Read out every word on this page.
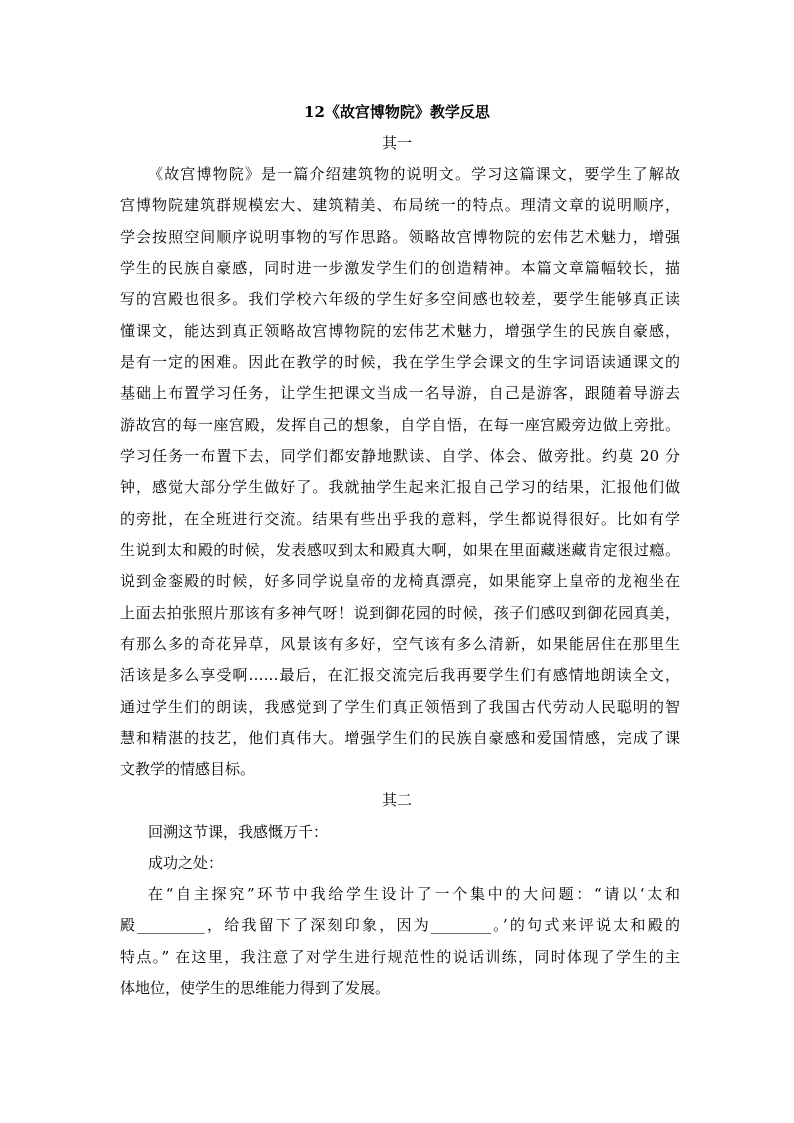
12《故宫博物院》教学反思
其一
《故宫博物院》是一篇介绍建筑物的说明文。学习这篇课文，要学生了解故
宫博物院建筑群规模宏大、建筑精美、布局统一的特点。理清文章的说明顺序，
学会按照空间顺序说明事物的写作思路。领略故宫博物院的宏伟艺术魅力，增强
学生的民族自豪感，同时进一步激发学生们的创造精神。本篇文章篇幅较长，描
写的宫殿也很多。我们学校六年级的学生好多空间感也较差，要学生能够真正读
懂课文，能达到真正领略故宫博物院的宏伟艺术魅力，增强学生的民族自豪感，
是有一定的困难。因此在教学的时候，我在学生学会课文的生字词语读通课文的
基础上布置学习任务，让学生把课文当成一名导游，自己是游客，跟随着导游去
游故宫的每一座宫殿，发挥自己的想象，自学自悟，在每一座宫殿旁边做上旁批。
学习任务一布置下去，同学们都安静地默读、自学、体会、做旁批。约莫 20 分
钟，感觉大部分学生做好了。我就抽学生起来汇报自己学习的结果，汇报他们做
的旁批，在全班进行交流。结果有些出乎我的意料，学生都说得很好。比如有学
生说到太和殿的时候，发表感叹到太和殿真大啊，如果在里面藏迷藏肯定很过瘾。
说到金銮殿的时候，好多同学说皇帝的龙椅真漂亮，如果能穿上皇帝的龙袍坐在
上面去拍张照片那该有多神气呀！说到御花园的时候，孩子们感叹到御花园真美，
有那么多的奇花异草，风景该有多好，空气该有多么清新，如果能居住在那里生
活该是多么享受啊……最后，在汇报交流完后我再要学生们有感情地朗读全文，
通过学生们的朗读，我感觉到了学生们真正领悟到了我国古代劳动人民聪明的智
慧和精湛的技艺，他们真伟大。增强学生们的民族自豪感和爱国情感，完成了课
文教学的情感目标。
其二
回溯这节课，我感慨万千：
成功之处：
在“自主探究”环节中我给学生设计了一个集中的大问题：“请以‘太和
殿_________，给我留下了深刻印象，因为________。’的句式来评说太和殿的
特点。” 在这里，我注意了对学生进行规范性的说话训练，同时体现了学生的主
体地位，使学生的思维能力得到了发展。
